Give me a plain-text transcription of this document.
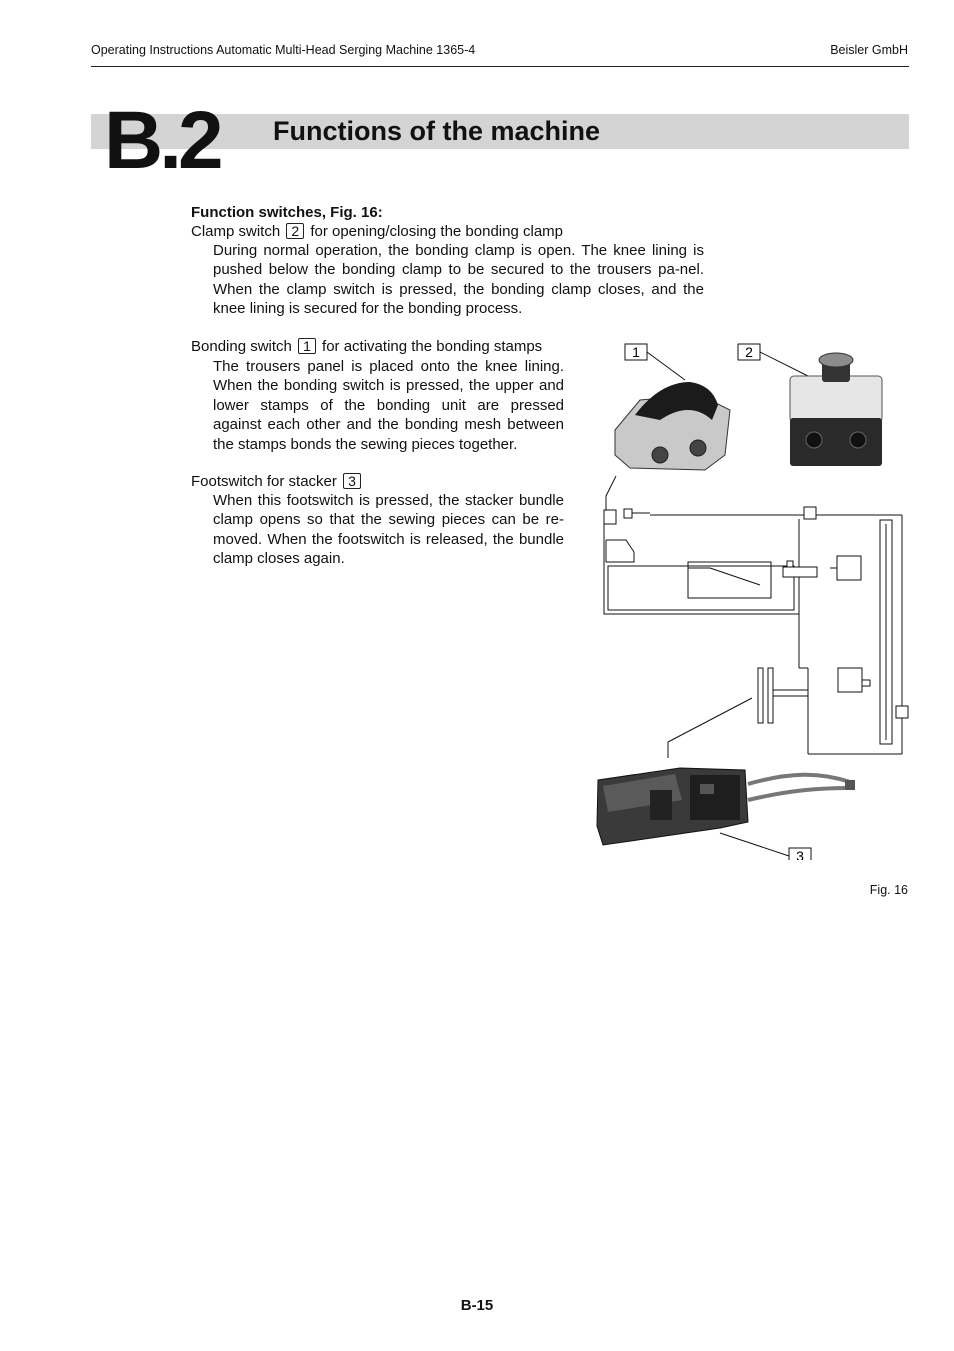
Operating Instructions Automatic Multi-Head Serging Machine 1365-4	Beisler GmbH
B.2 Functions of the machine
Function switches, Fig. 16:
Clamp switch 2 for opening/closing the bonding clamp
During normal operation, the bonding clamp is open. The knee lining is pushed below the bonding clamp to be secured to the trousers pa-nel. When the clamp switch is pressed, the bonding clamp closes, and the knee lining is secured for the bonding process.
Bonding switch 1 for activating the bonding stamps
The trousers panel is placed onto the knee lining. When the bonding switch is pressed, the upper and lower stamps of the bonding unit are pressed against each other and the bonding mesh between the stamps bonds the sewing pieces together.
Footswitch for stacker 3
When this footswitch is pressed, the stacker bundle clamp opens so that the sewing pieces can be re-moved. When the footswitch is released, the bundle clamp closes again.
1	2
3
Fig. 16
B-15
